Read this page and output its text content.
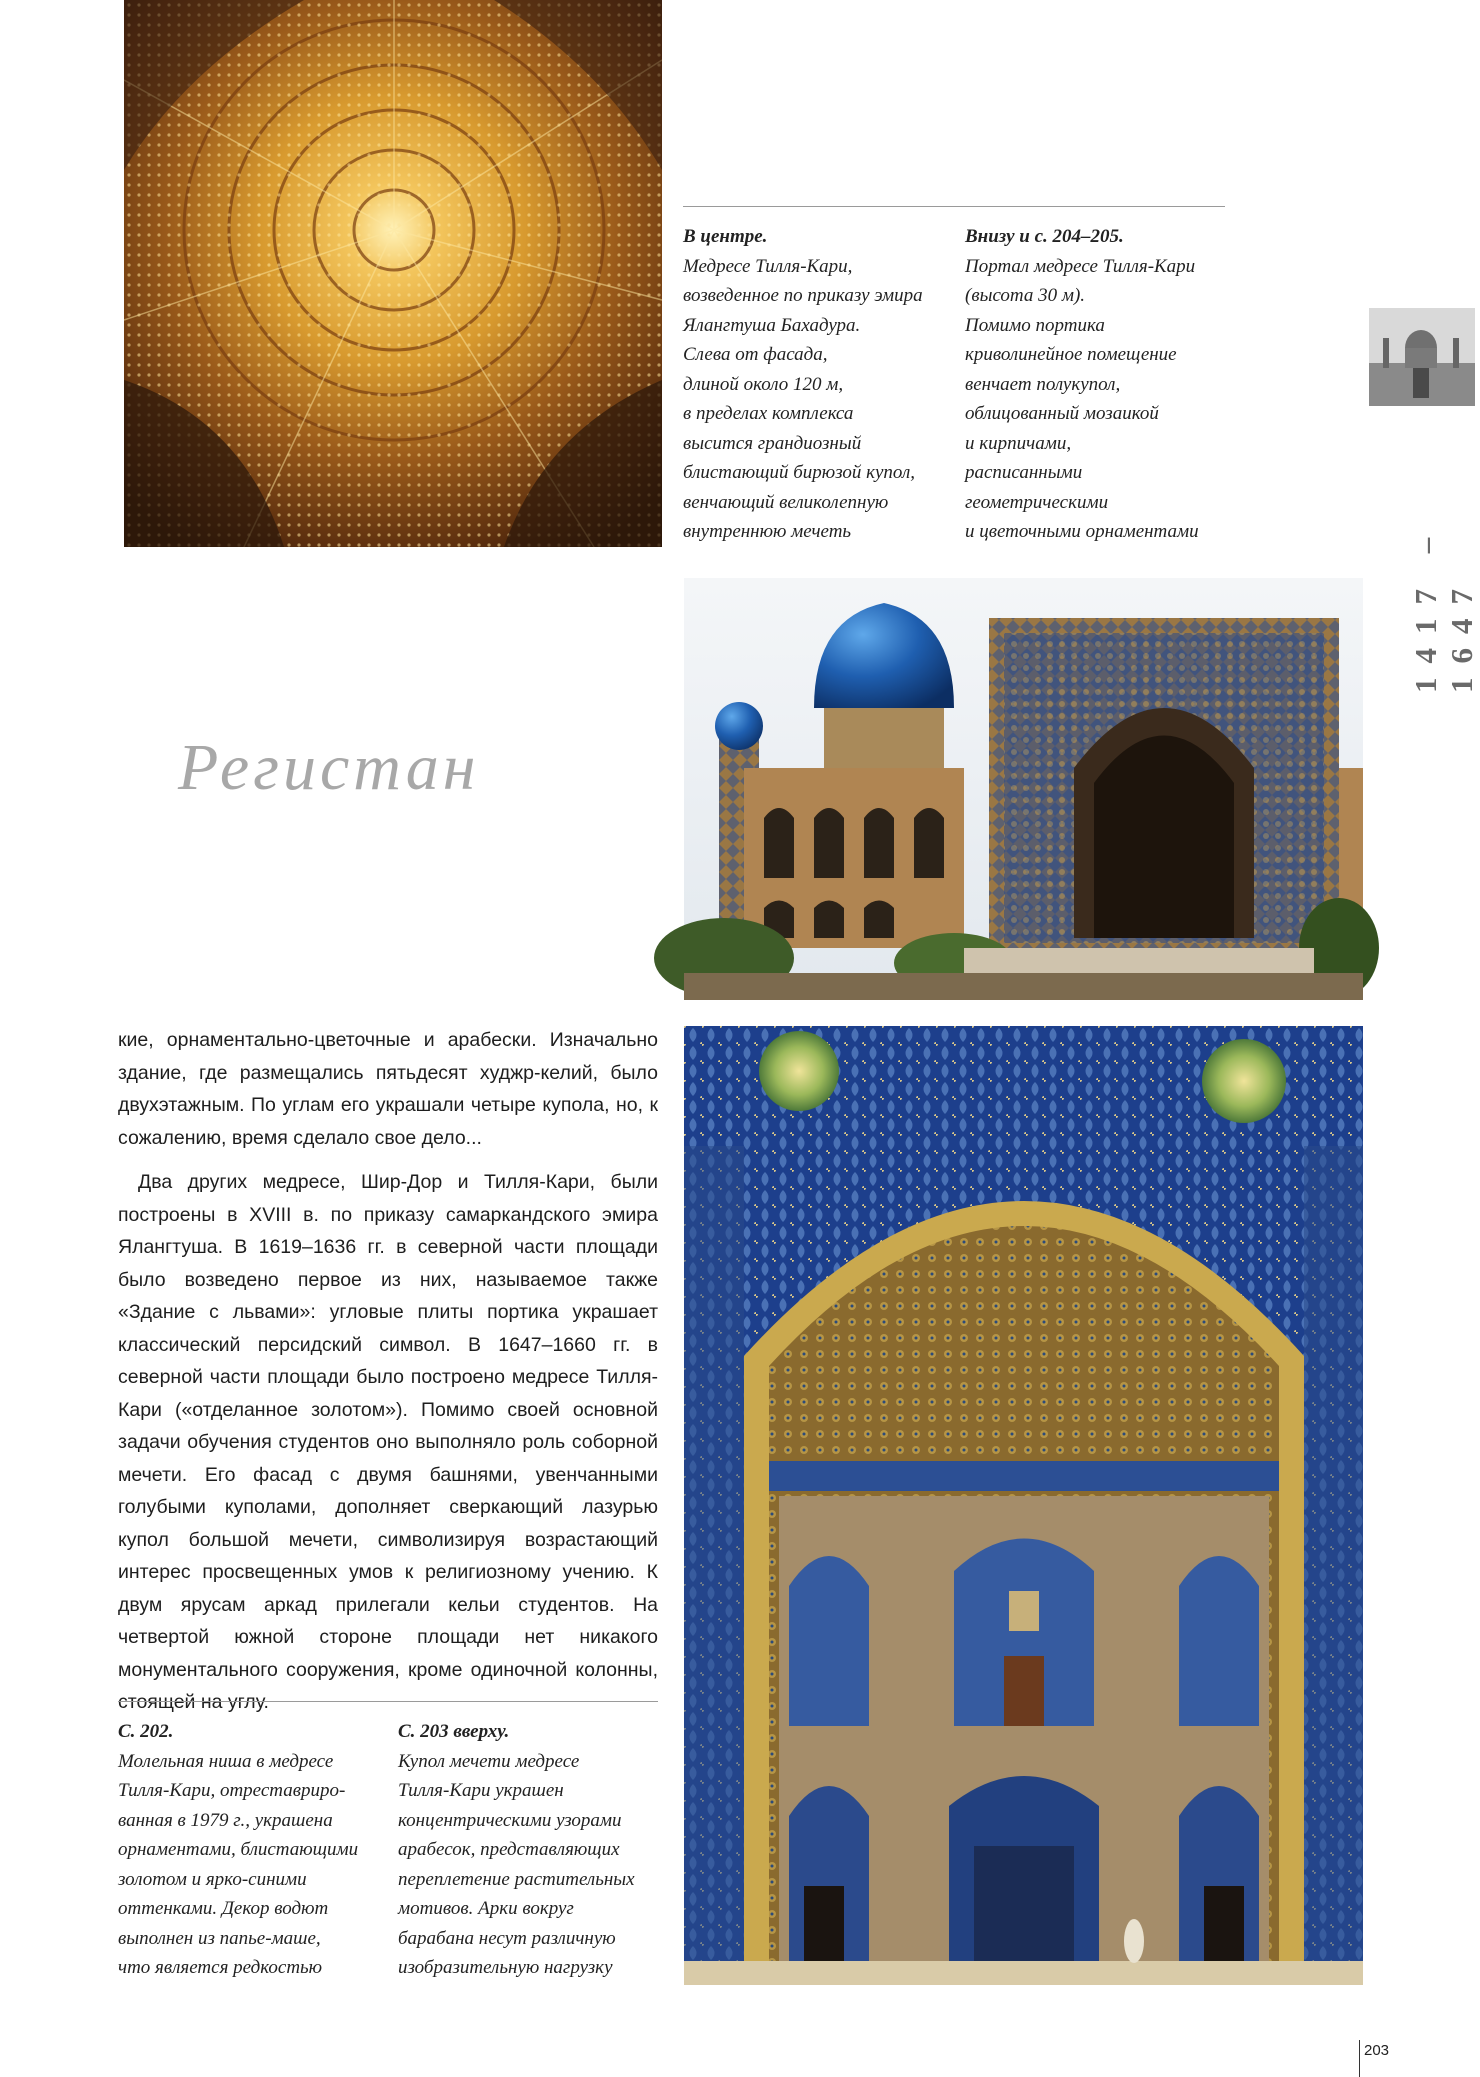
В центре.
Медресе Тилля-Кари,
возведенное по приказу эмира
Ялангтуша Бахадура.
Слева от фасада,
длиной около 120 м,
в пределах комплекса
высится грандиозный
блистающий бирюзой купол,
венчающий великолепную
внутреннюю мечеть
Внизу и с. 204–205.
Портал медресе Тилля-Кари
(высота 30 м).
Помимо портика
криволинейное помещение
венчает полукупол,
облицованный мозаикой
и кирпичами,
расписанными
геометрическими
и цветочными орнаментами	1417 – 1647
Регистан

кие, орнаментально-цветочные и арабески. Изначально здание, где размещались пятьдесят худжр-келий, было двухэтажным. По углам его украшали четыре купола, но, к сожалению, время сделало свое дело...

Два других медресе, Шир-Дор и Тилля-Кари, были построены в XVIII в. по приказу самаркандского эмира Ялангтуша. В 1619–1636 гг. в северной части площади было возведено первое из них, называемое также «Здание с львами»: угловые плиты портика украшает классический персидский символ. В 1647–1660 гг. в северной части площади было построено медресе Тилля-Кари («отделанное золотом»). Помимо своей основной задачи обучения студентов оно выполняло роль соборной мечети. Его фасад с двумя башнями, увенчанными голубыми куполами, дополняет сверкающий лазурью купол большой мечети, символизируя возрастающий интерес просвещенных умов к религиозному учению. К двум ярусам аркад прилегали кельи студентов. На четвертой южной стороне площади нет никакого монументального сооружения, кроме одиночной колонны, стоящей на углу.

С. 202.
Молельная ниша в медресе
Тилля-Кари, отреставриро-
ванная в 1979 г., украшена
орнаментами, блистающими
золотом и ярко-синими
оттенками. Декор водют
выполнен из папье-маше,
что является редкостью
С. 203 вверху.
Купол мечети медресе
Тилля-Кари украшен
концентрическими узорами
арабесок, представляющих
переплетение растительных
мотивов. Арки вокруг
барабана несут различную
изобразительную нагрузку
203
